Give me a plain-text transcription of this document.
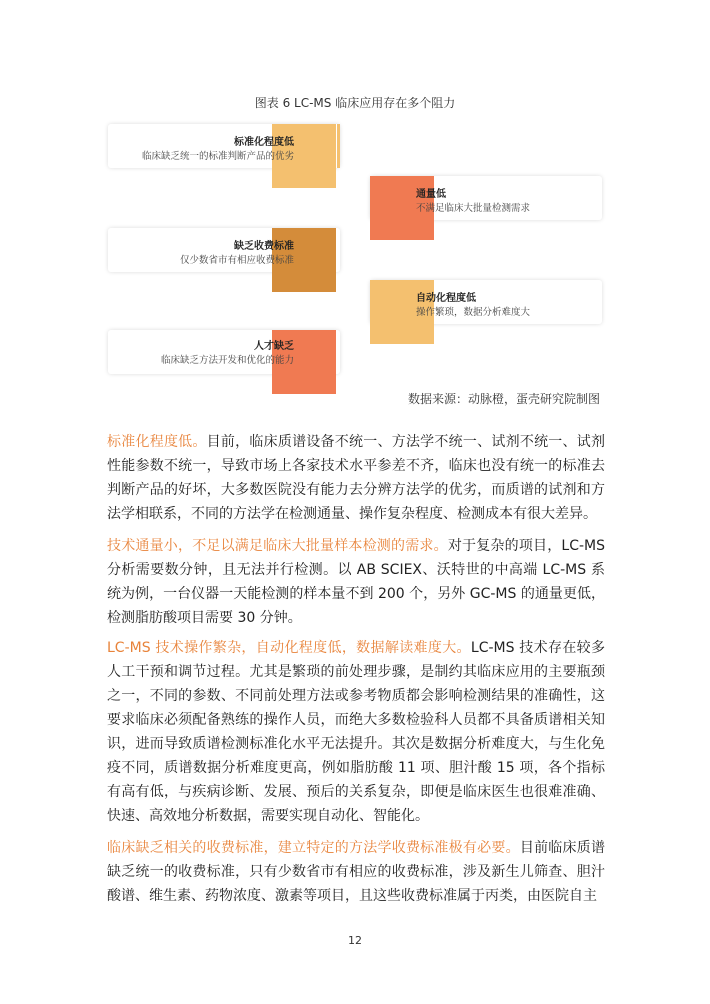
图表 6 LC-MS 临床应用存在多个阻力
标准化程度低
临床缺乏统一的标准判断产品的优劣
通量低
不满足临床大批量检测需求
缺乏收费标准
仅少数省市有相应收费标准
自动化程度低
操作繁琐，数据分析难度大
人才缺乏
临床缺乏方法开发和优化的能力
数据来源：动脉橙，蛋壳研究院制图

标准化程度低。目前，临床质谱设备不统一、方法学不统一、试剂不统一、试剂性能参数不统一，导致市场上各家技术水平参差不齐，临床也没有统一的标准去判断产品的好坏，大多数医院没有能力去分辨方法学的优劣，而质谱的试剂和方法学相联系，不同的方法学在检测通量、操作复杂程度、检测成本有很大差异。

技术通量小，不足以满足临床大批量样本检测的需求。对于复杂的项目，LC-MS 分析需要数分钟，且无法并行检测。以 AB SCIEX、沃特世的中高端 LC-MS 系统为例，一台仪器一天能检测的样本量不到 200 个，另外 GC-MS 的通量更低，检测脂肪酸项目需要 30 分钟。

LC-MS 技术操作繁杂，自动化程度低，数据解读难度大。LC-MS 技术存在较多人工干预和调节过程。尤其是繁琐的前处理步骤，是制约其临床应用的主要瓶颈之一，不同的参数、不同前处理方法或参考物质都会影响检测结果的准确性，这要求临床必须配备熟练的操作人员，而绝大多数检验科人员都不具备质谱相关知识，进而导致质谱检测标准化水平无法提升。其次是数据分析难度大，与生化免疫不同，质谱数据分析难度更高，例如脂肪酸 11 项、胆汁酸 15 项，各个指标有高有低，与疾病诊断、发展、预后的关系复杂，即便是临床医生也很难准确、快速、高效地分析数据，需要实现自动化、智能化。

临床缺乏相关的收费标准，建立特定的方法学收费标准极有必要。目前临床质谱缺乏统一的收费标准，只有少数省市有相应的收费标准，涉及新生儿筛查、胆汁酸谱、维生素、药物浓度、激素等项目，且这些收费标准属于丙类，由医院自主

12
